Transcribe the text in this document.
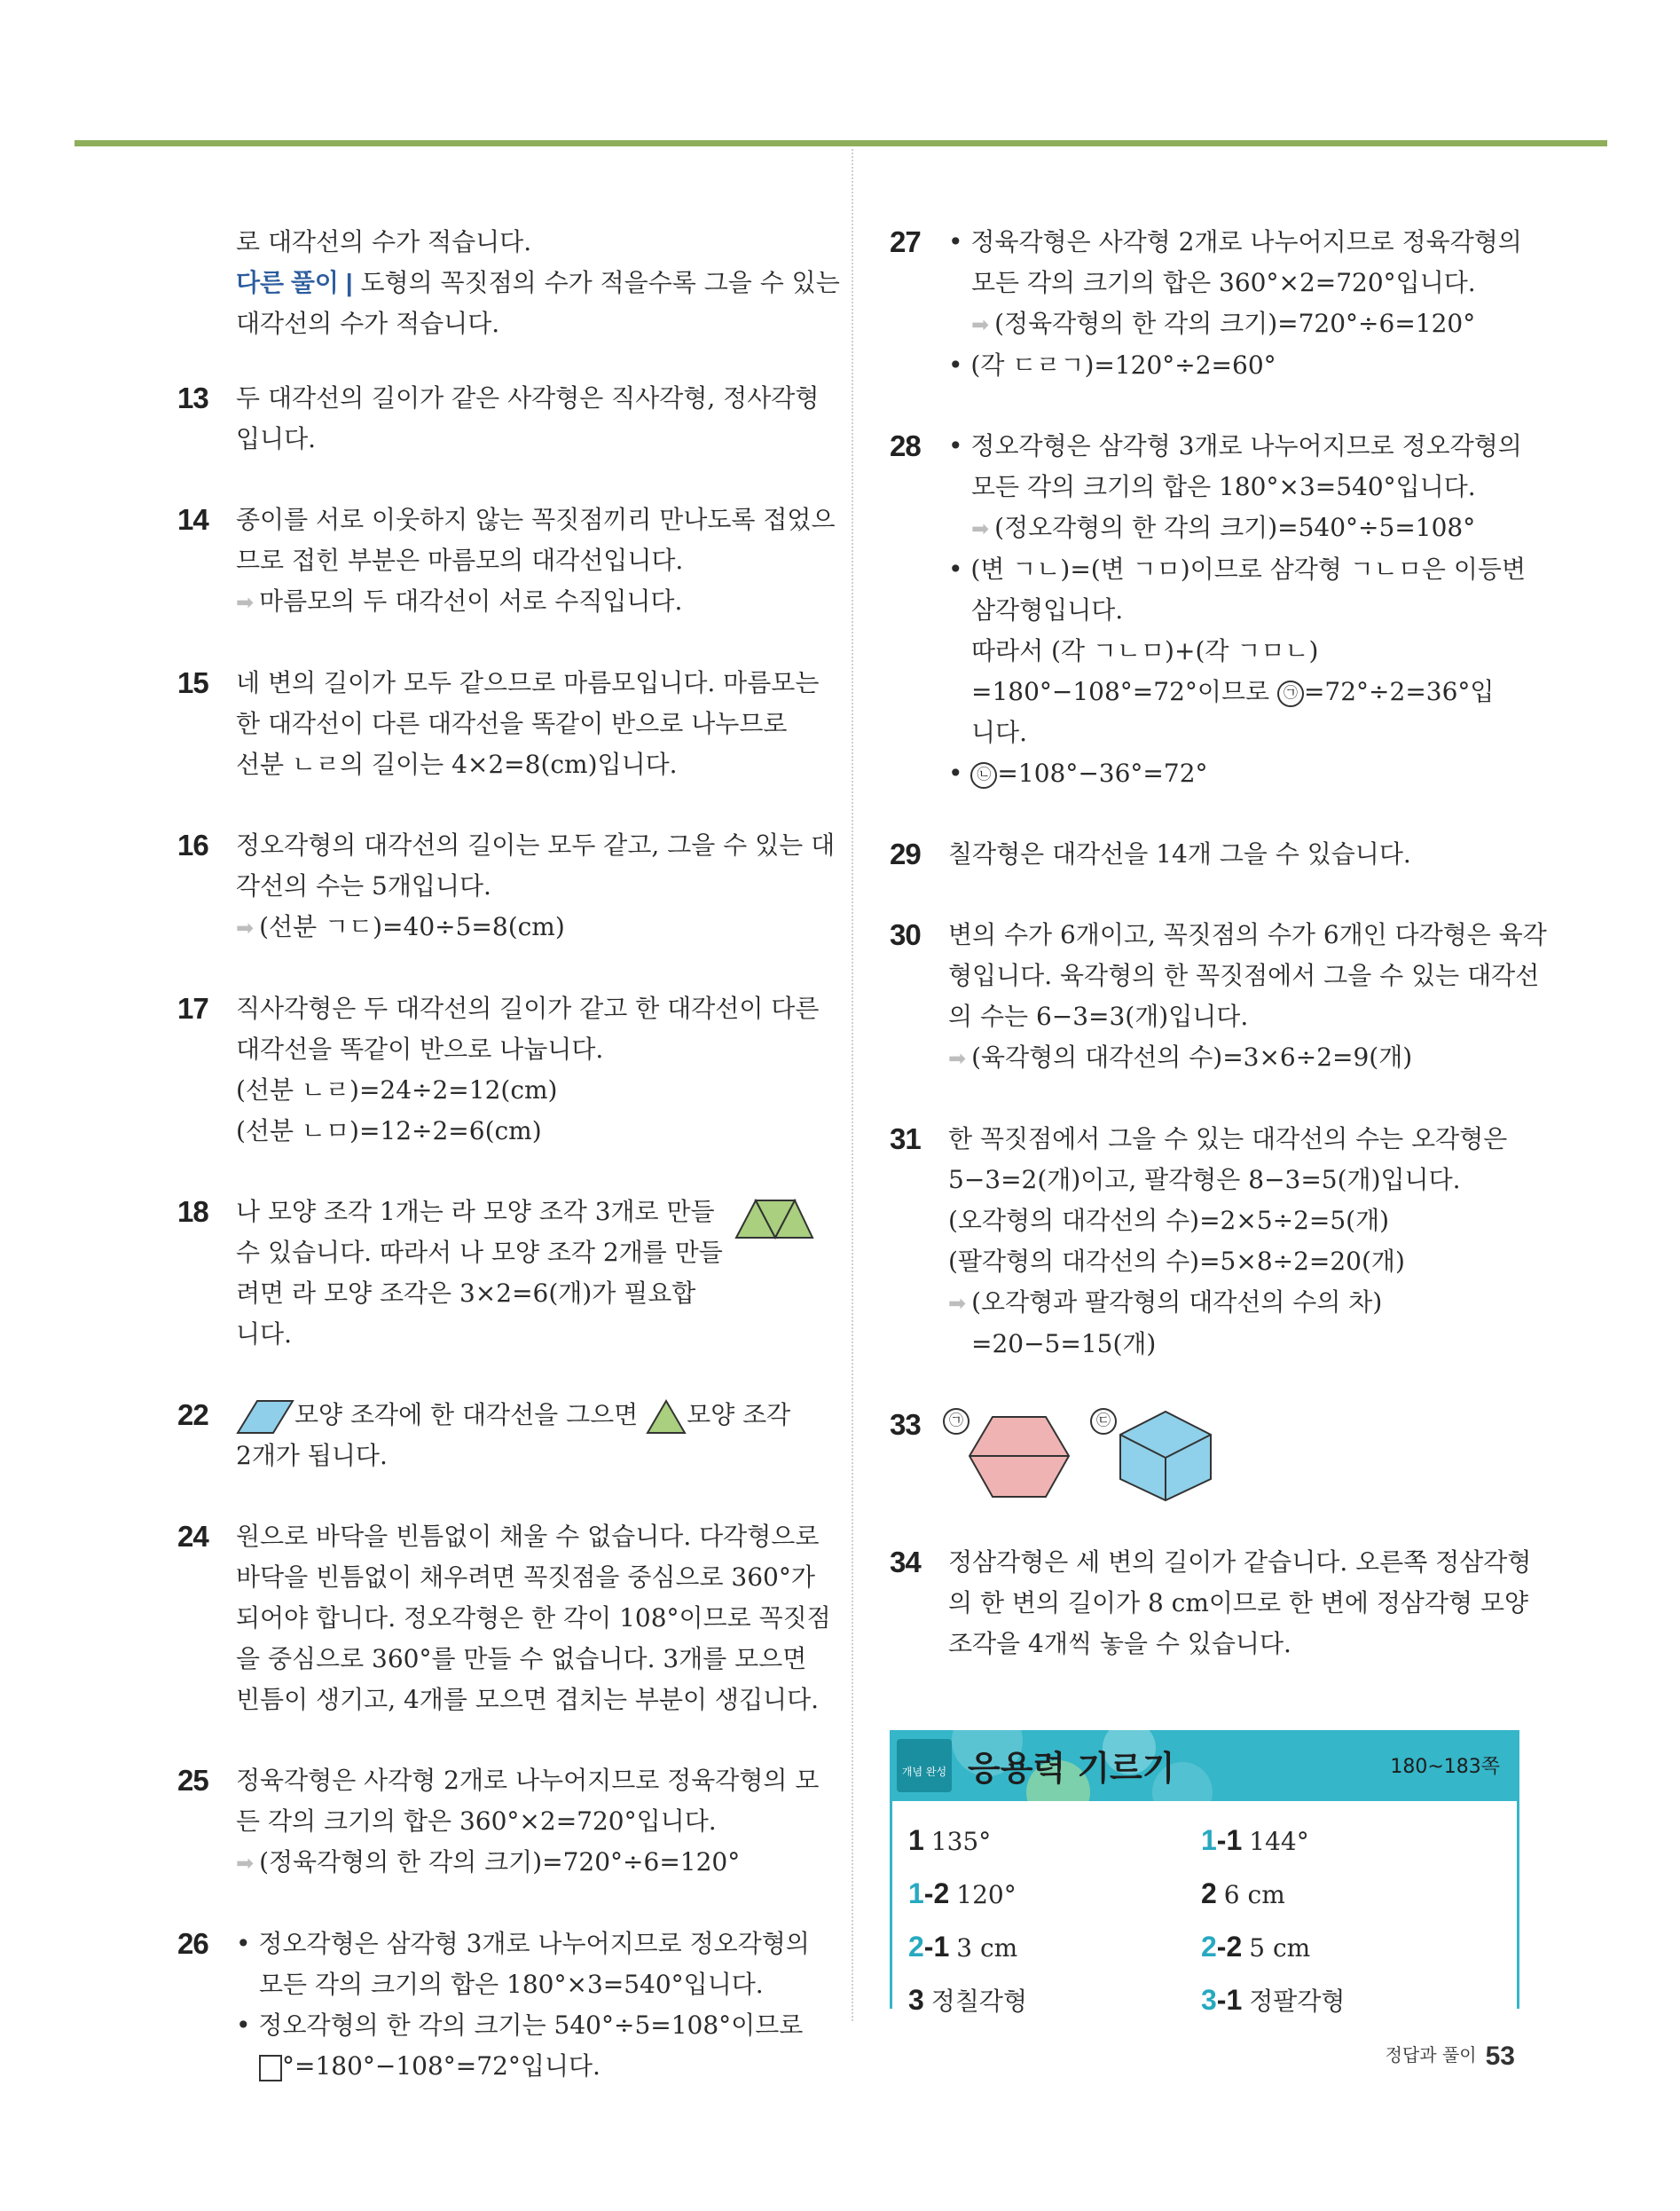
로 대각선의 수가 적습니다.
다른 풀이 | 도형의 꼭짓점의 수가 적을수록 그을 수 있는
대각선의 수가 적습니다.
13 두 대각선의 길이가 같은 사각형은 직사각형, 정사각형
입니다.
14 종이를 서로 이웃하지 않는 꼭짓점끼리 만나도록 접었으
므로 접힌 부분은 마름모의 대각선입니다.
➡ 마름모의 두 대각선이 서로 수직입니다.
15 네 변의 길이가 모두 같으므로 마름모입니다. 마름모는
한 대각선이 다른 대각선을 똑같이 반으로 나누므로
선분 ㄴㄹ의 길이는 4×2=8(cm)입니다.
16 정오각형의 대각선의 길이는 모두 같고, 그을 수 있는 대
각선의 수는 5개입니다.
➡ (선분 ㄱㄷ)=40÷5=8(cm)
17 직사각형은 두 대각선의 길이가 같고 한 대각선이 다른
대각선을 똑같이 반으로 나눕니다.
(선분 ㄴㄹ)=24÷2=12(cm)
(선분 ㄴㅁ)=12÷2=6(cm)
18 나 모양 조각 1개는 라 모양 조각 3개로 만들
수 있습니다. 따라서 나 모양 조각 2개를 만들
려면 라 모양 조각은 3×2=6(개)가 필요합
니다.
22	모양 조각에 한 대각선을 그으면 모양 조각
2개가 됩니다.
24 원으로 바닥을 빈틈없이 채울 수 없습니다. 다각형으로
바닥을 빈틈없이 채우려면 꼭짓점을 중심으로 360°가
되어야 합니다. 정오각형은 한 각이 108°이므로 꼭짓점
을 중심으로 360°를 만들 수 없습니다. 3개를 모으면
빈틈이 생기고, 4개를 모으면 겹치는 부분이 생깁니다.
25 정육각형은 사각형 2개로 나누어지므로 정육각형의 모
든 각의 크기의 합은 360°×2=720°입니다.
➡ (정육각형의 한 각의 크기)=720°÷6=120°
26	• 정오각형은 삼각형 3개로 나누어지므로 정오각형의
모든 각의 크기의 합은 180°×3=540°입니다.
• 정오각형의 한 각의 크기는 540°÷5=108°이므로
°=180°−108°=72°입니다.
27	• 정육각형은 사각형 2개로 나누어지므로 정육각형의
모든 각의 크기의 합은 360°×2=720°입니다.
➡ (정육각형의 한 각의 크기)=720°÷6=120°
• (각 ㄷㄹㄱ)=120°÷2=60°
28	• 정오각형은 삼각형 3개로 나누어지므로 정오각형의
모든 각의 크기의 합은 180°×3=540°입니다.
➡ (정오각형의 한 각의 크기)=540°÷5=108°
• (변 ㄱㄴ)=(변 ㄱㅁ)이므로 삼각형 ㄱㄴㅁ은 이등변
삼각형입니다.
따라서 (각 ㄱㄴㅁ)+(각 ㄱㅁㄴ)
=180°−108°=72°이므로 ㉠ =72°÷2=36°입
니다.
• ㉡ =108°−36°=72°
29 칠각형은 대각선을 14개 그을 수 있습니다.
30 변의 수가 6개이고, 꼭짓점의 수가 6개인 다각형은 육각
형입니다. 육각형의 한 꼭짓점에서 그을 수 있는 대각선
의 수는 6−3=3(개)입니다.
➡ (육각형의 대각선의 수)=3×6÷2=9(개)
31 한 꼭짓점에서 그을 수 있는 대각선의 수는 오각형은
5−3=2(개)이고, 팔각형은 8−3=5(개)입니다.
(오각형의 대각선의 수)=2×5÷2=5(개)
(팔각형의 대각선의 수)=5×8÷2=20(개)
➡ (오각형과 팔각형의 대각선의 수의 차)
=20−5=15(개)
33	㉠	㉢
34 정삼각형은 세 변의 길이가 같습니다. 오른쪽 정삼각형
의 한 변의 길이가 8 cm이므로 한 변에 정삼각형 모양
조각을 4개씩 놓을 수 있습니다.
개념 완성 응용력 기르기	180~183쪽
1 135°	1-1 144°
1-2 120°	2 6 cm
2-1 3 cm	2-2 5 cm
3 정칠각형	3-1 정팔각형
정답과 풀이 53
